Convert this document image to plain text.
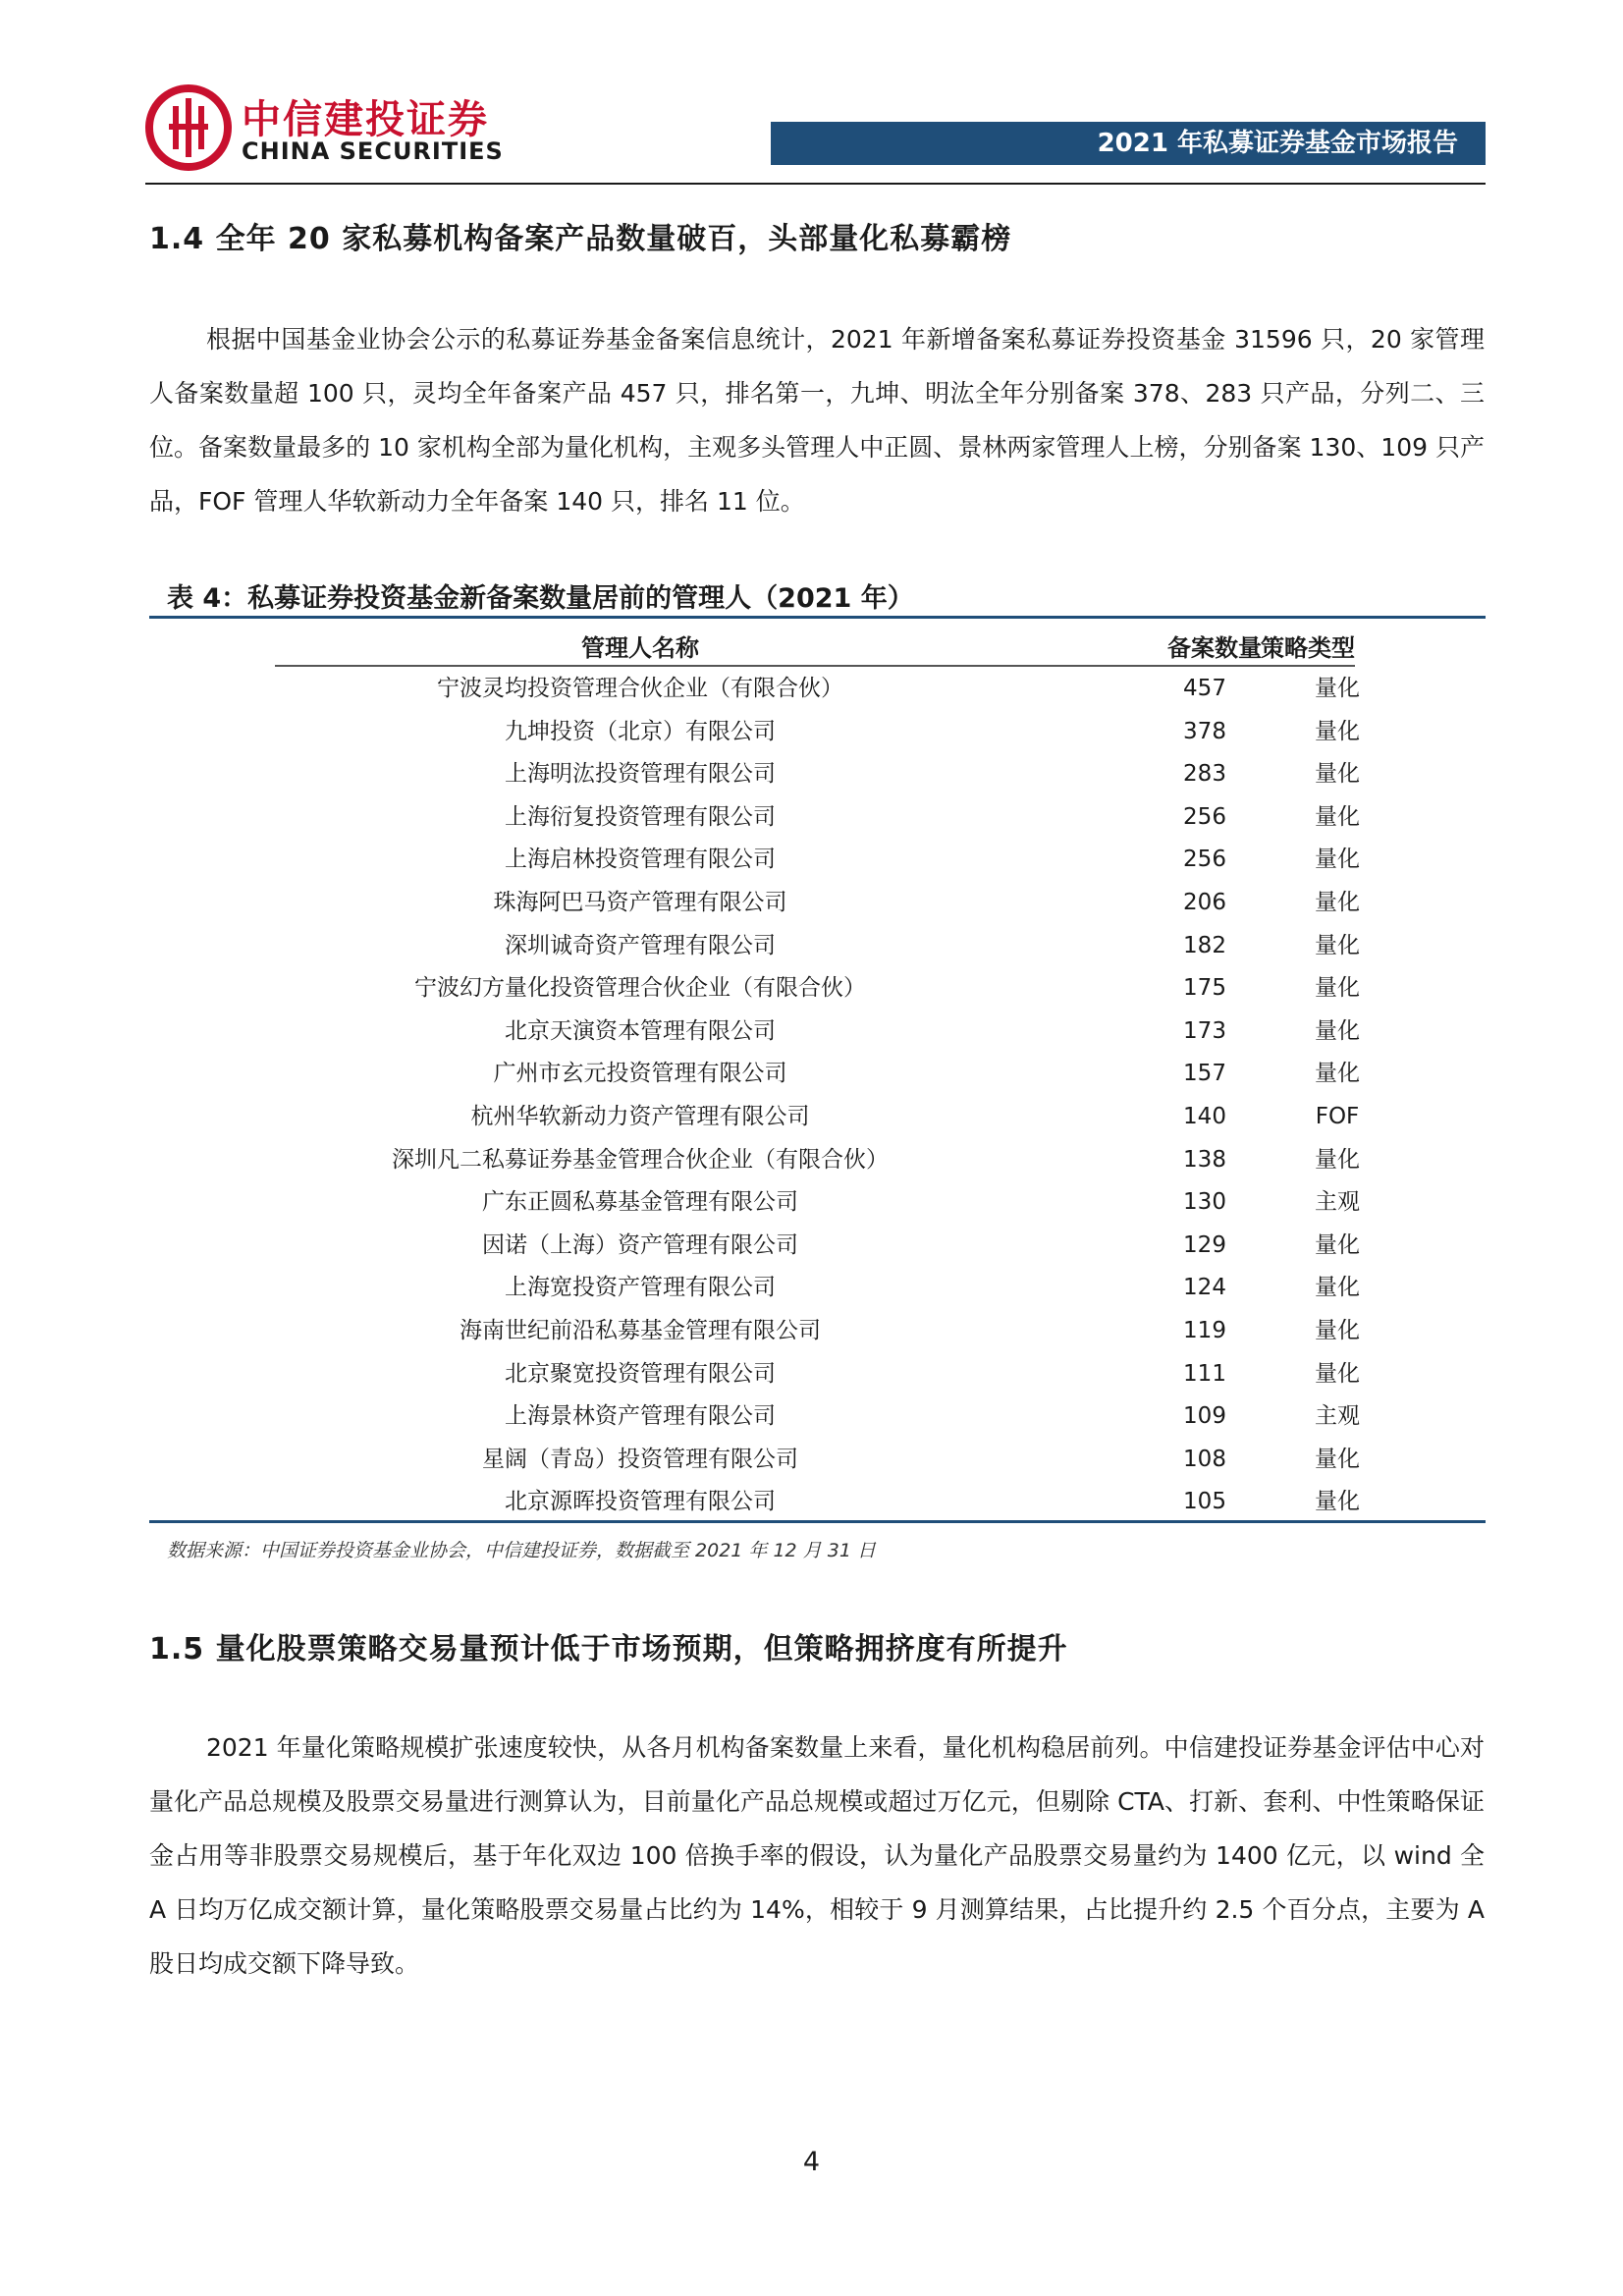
中信建投证券
CHINA SECURITIES	2021 年私募证券基金市场报告
1.4 全年 20 家私募机构备案产品数量破百，头部量化私募霸榜
根据中国基金业协会公示的私募证券基金备案信息统计，2021 年新增备案私募证券投资基金 31596 只，20 家管理人备案数量超 100 只，灵均全年备案产品 457 只，排名第一，九坤、明汯全年分别备案 378、283 只产品，分列二、三位。备案数量最多的 10 家机构全部为量化机构，主观多头管理人中正圆、景林两家管理人上榜，分别备案 130、109 只产品，FOF 管理人华软新动力全年备案 140 只，排名 11 位。
表 4：私募证券投资基金新备案数量居前的管理人（2021 年）
管理人名称	备案数量 策略类型
宁波灵均投资管理合伙企业（有限合伙）	457	量化
九坤投资（北京）有限公司	378	量化
上海明汯投资管理有限公司	283	量化
上海衍复投资管理有限公司	256	量化
上海启林投资管理有限公司	256	量化
珠海阿巴马资产管理有限公司	206	量化
深圳诚奇资产管理有限公司	182	量化
宁波幻方量化投资管理合伙企业（有限合伙）	175	量化
北京天演资本管理有限公司	173	量化
广州市玄元投资管理有限公司	157	量化
杭州华软新动力资产管理有限公司	140	FOF
深圳凡二私募证券基金管理合伙企业（有限合伙）	138	量化
广东正圆私募基金管理有限公司	130	主观
因诺（上海）资产管理有限公司	129	量化
上海宽投资产管理有限公司	124	量化
海南世纪前沿私募基金管理有限公司	119	量化
北京聚宽投资管理有限公司	111	量化
上海景林资产管理有限公司	109	主观
星阔（青岛）投资管理有限公司	108	量化
北京源晖投资管理有限公司	105	量化
数据来源：中国证券投资基金业协会，中信建投证券，数据截至 2021 年 12 月 31 日
1.5 量化股票策略交易量预计低于市场预期，但策略拥挤度有所提升
2021 年量化策略规模扩张速度较快，从各月机构备案数量上来看，量化机构稳居前列。中信建投证券基金评估中心对量化产品总规模及股票交易量进行测算认为，目前量化产品总规模或超过万亿元，但剔除 CTA、打新、套利、中性策略保证金占用等非股票交易规模后，基于年化双边 100 倍换手率的假设，认为量化产品股票交易量约为 1400 亿元，以 wind 全 A 日均万亿成交额计算，量化策略股票交易量占比约为 14%，相较于 9 月测算结果，占比提升约 2.5 个百分点，主要为 A 股日均成交额下降导致。
4
